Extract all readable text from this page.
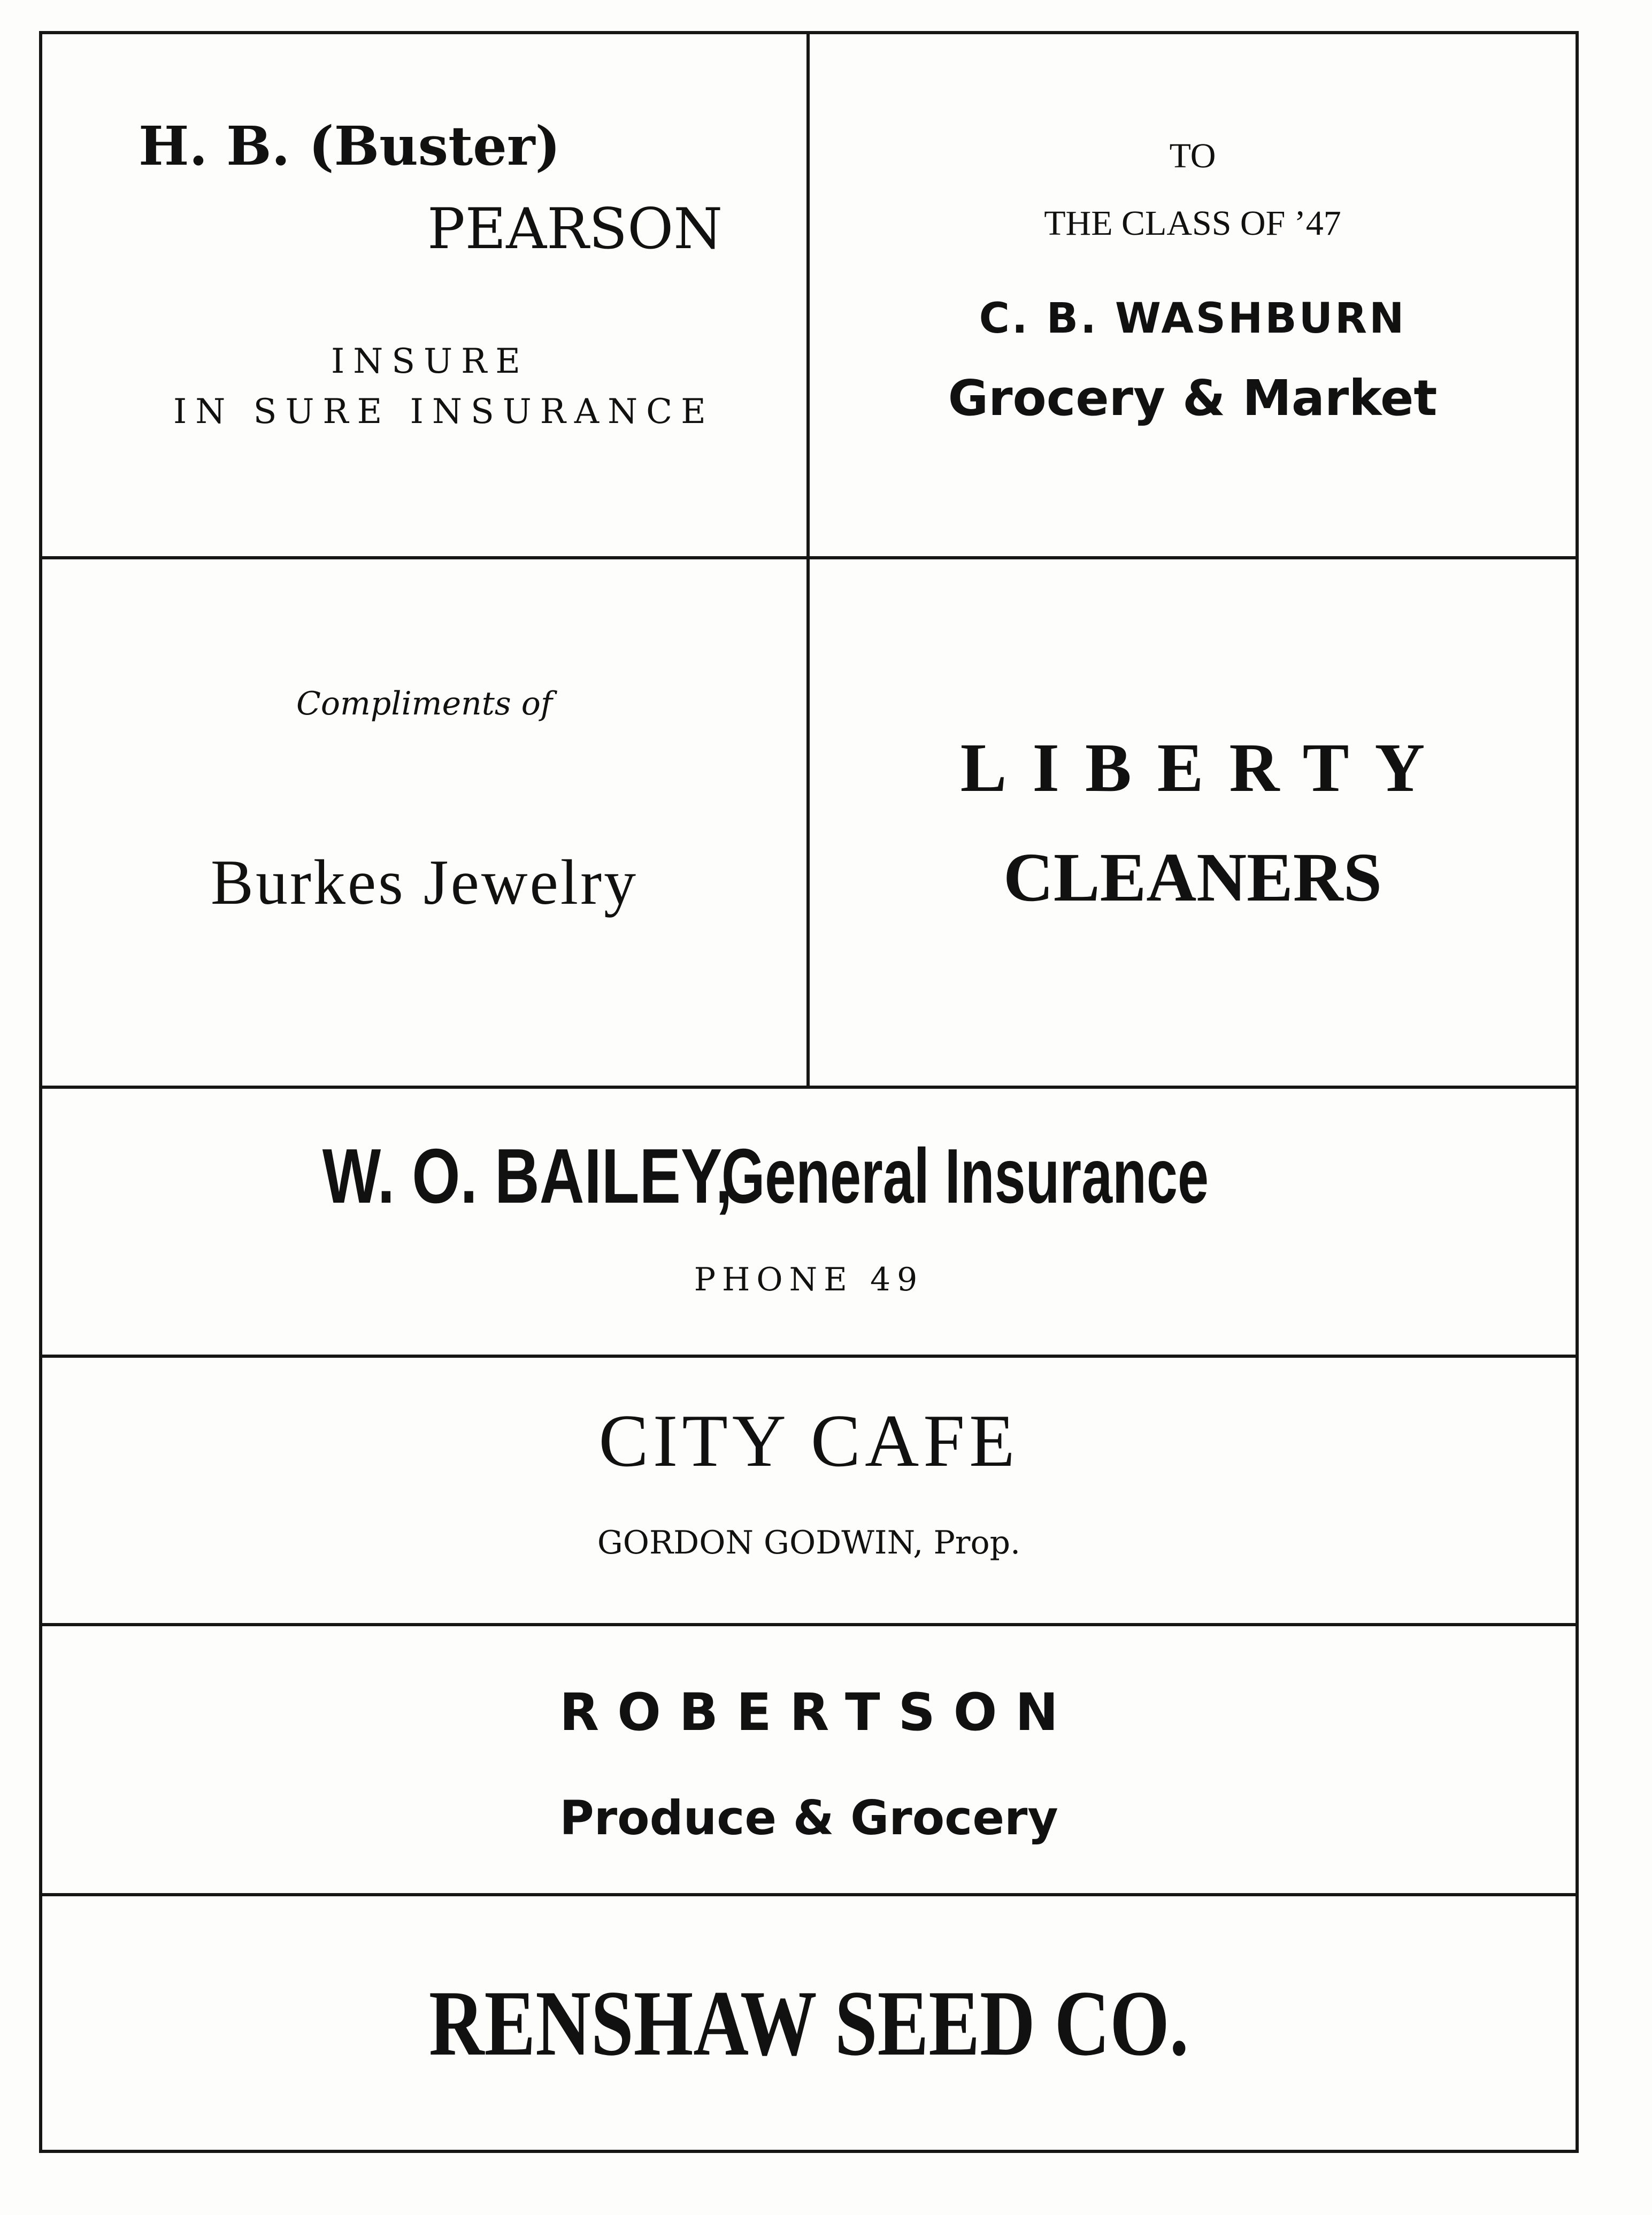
H. B. (Buster)
PEARSON
INSURE
IN SURE INSURANCE
TO
THE CLASS OF ’47
C. B. WASHBURN
Grocery & Market
Compliments of
Burkes Jewelry
LIBERTY
CLEANERS
W. O. BAILEY,
General Insurance
PHONE 49
CITY CAFE
GORDON GODWIN, Prop.
ROBERTSON
Produce & Grocery
RENSHAW SEED CO.
